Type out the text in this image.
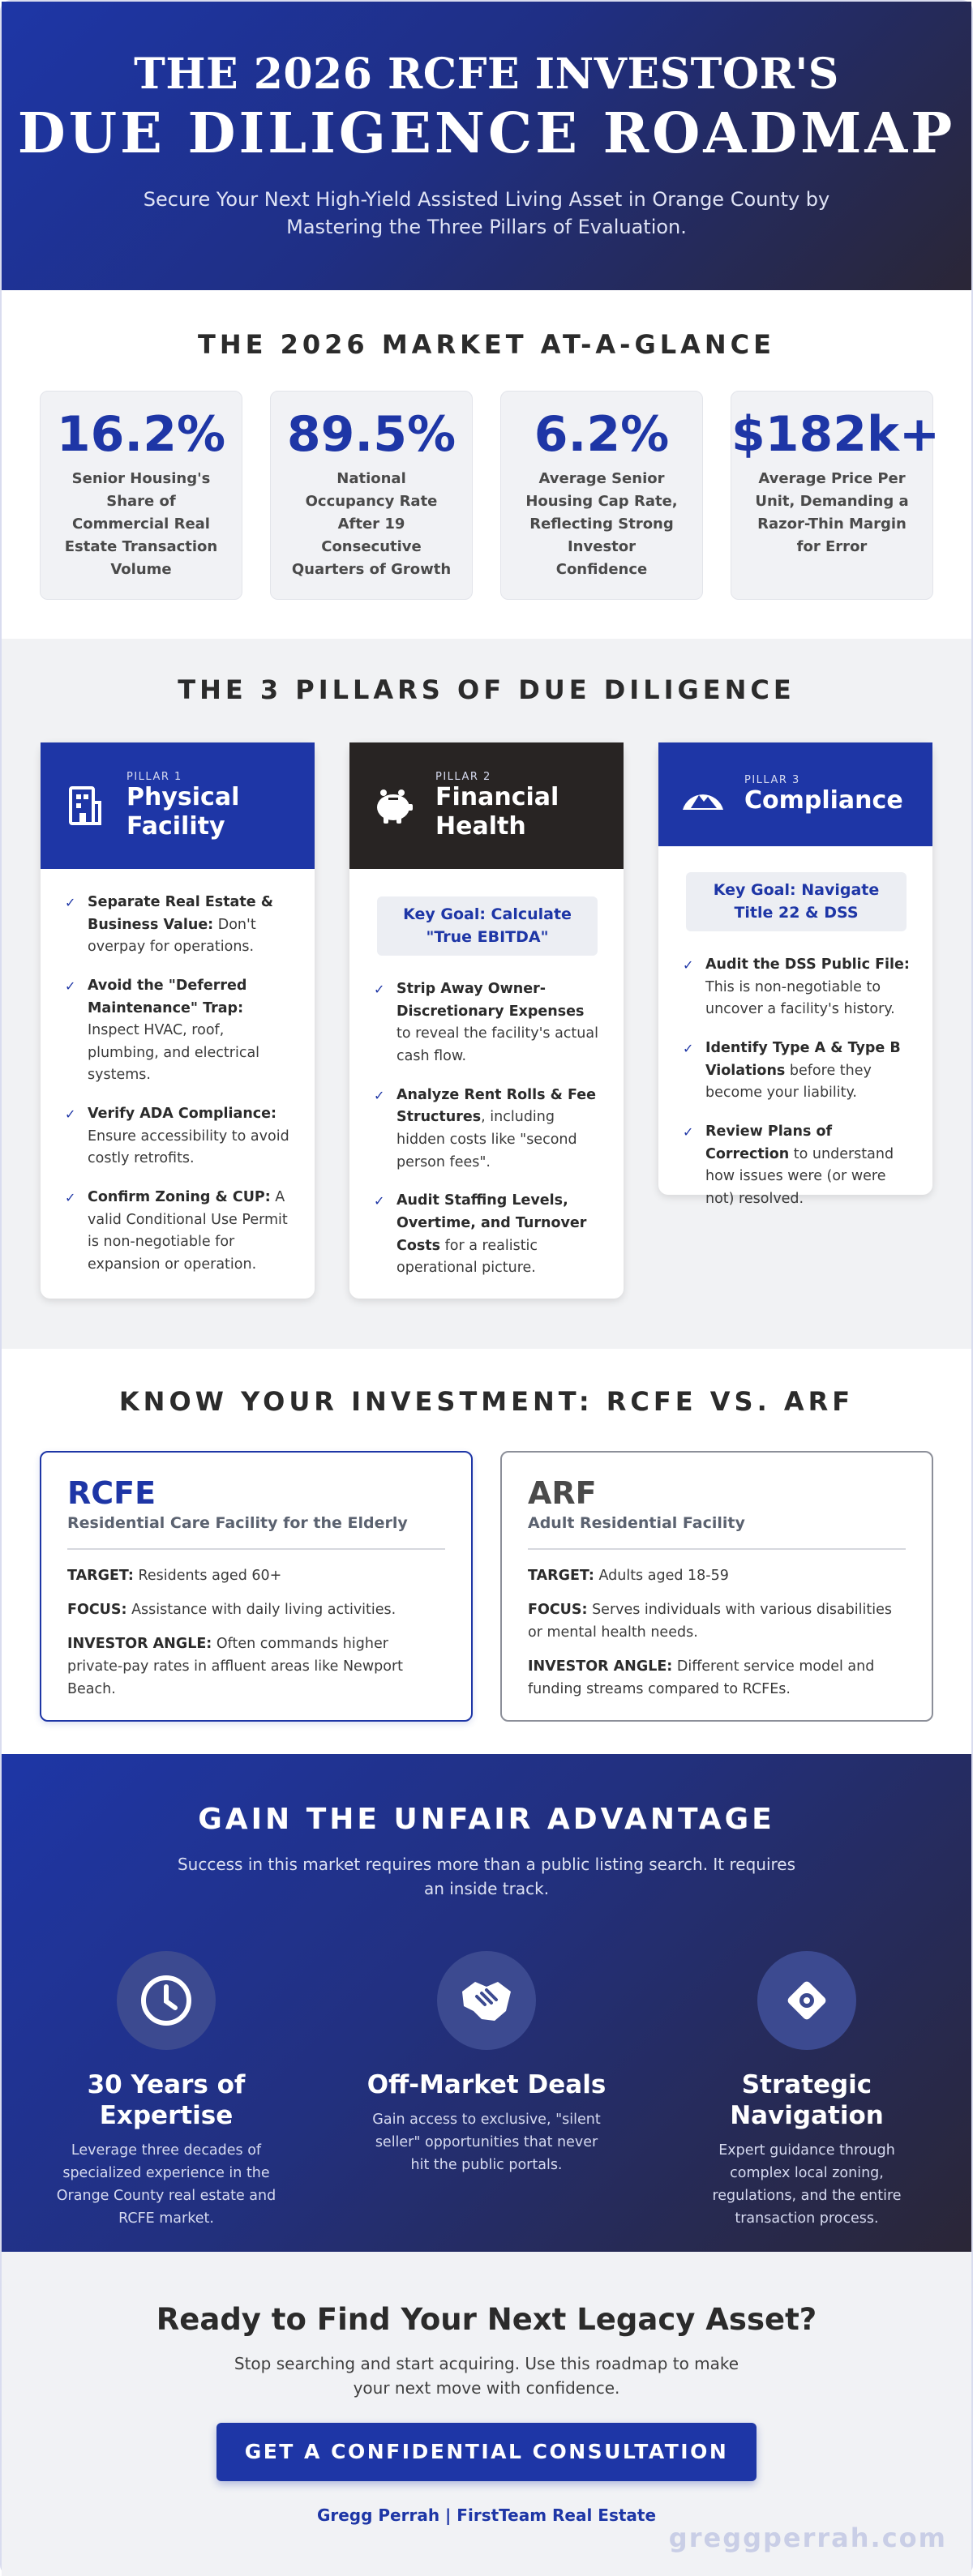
THE 2026 RCFE INVESTOR'S
DUE DILIGENCE ROADMAP
Secure Your Next High-Yield Assisted Living Asset in Orange County by Mastering the Three Pillars of Evaluation.
THE 2026 MARKET AT-A-GLANCE
16.2%
Senior Housing's Share of Commercial Real Estate Transaction Volume
89.5%
National Occupancy Rate After 19 Consecutive Quarters of Growth
6.2%
Average Senior Housing Cap Rate, Reflecting Strong Investor Confidence
$182k+
Average Price Per Unit, Demanding a Razor-Thin Margin for Error
THE 3 PILLARS OF DUE DILIGENCE
PILLAR 1
Physical Facility
✓ Separate Real Estate & Business Value: Don't overpay for operations.
✓ Avoid the "Deferred Maintenance" Trap: Inspect HVAC, roof, plumbing, and electrical systems.
✓ Verify ADA Compliance: Ensure accessibility to avoid costly retrofits.
✓ Confirm Zoning & CUP: A valid Conditional Use Permit is non-negotiable for expansion or operation.
PILLAR 2
Financial Health
Key Goal: Calculate "True EBITDA"
✓ Strip Away Owner-Discretionary Expenses to reveal the facility's actual cash flow.
✓ Analyze Rent Rolls & Fee Structures, including hidden costs like "second person fees".
✓ Audit Staffing Levels, Overtime, and Turnover Costs for a realistic operational picture.
PILLAR 3
Compliance
Key Goal: Navigate Title 22 & DSS
✓ Audit the DSS Public File: This is non-negotiable to uncover a facility's history.
✓ Identify Type A & Type B Violations before they become your liability.
✓ Review Plans of Correction to understand how issues were (or were not) resolved.
KNOW YOUR INVESTMENT: RCFE VS. ARF
RCFE
Residential Care Facility for the Elderly
TARGET: Residents aged 60+
FOCUS: Assistance with daily living activities.
INVESTOR ANGLE: Often commands higher private-pay rates in affluent areas like Newport Beach.
ARF
Adult Residential Facility
TARGET: Adults aged 18-59
FOCUS: Serves individuals with various disabilities or mental health needs.
INVESTOR ANGLE: Different service model and funding streams compared to RCFEs.
GAIN THE UNFAIR ADVANTAGE
Success in this market requires more than a public listing search. It requires an inside track.
30 Years of Expertise
Leverage three decades of specialized experience in the Orange County real estate and RCFE market.
Off-Market Deals
Gain access to exclusive, "silent seller" opportunities that never hit the public portals.
Strategic Navigation
Expert guidance through complex local zoning, regulations, and the entire transaction process.
Ready to Find Your Next Legacy Asset?
Stop searching and start acquiring. Use this roadmap to make your next move with confidence.
GET A CONFIDENTIAL CONSULTATION
Gregg Perrah | FirstTeam Real Estate
greggperrah.com
